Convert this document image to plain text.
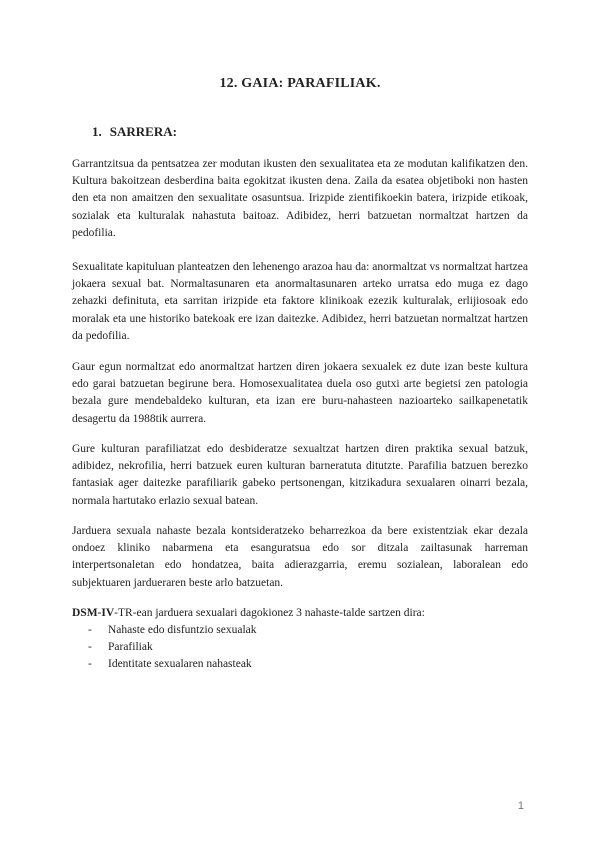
12. GAIA: PARAFILIAK.
1. SARRERA:

Garrantzitsua da pentsatzea zer modutan ikusten den sexualitatea eta ze modutan kalifikatzen den. Kultura bakoitzean desberdina baita egokitzat ikusten dena. Zaila da esatea objetiboki non hasten den eta non amaitzen den sexualitate osasuntsua. Irizpide zientifikoekin batera, irizpide etikoak, sozialak eta kulturalak nahastuta baitoaz. Adibidez, herri batzuetan normaltzat hartzen da pedofilia.

Sexualitate kapituluan planteatzen den lehenengo arazoa hau da: anormaltzat vs normaltzat hartzea jokaera sexual bat. Normaltasunaren eta anormaltasunaren arteko urratsa edo muga ez dago zehazki definituta, eta sarritan irizpide eta faktore klinikoak ezezik kulturalak, erlijiosoak edo moralak eta une historiko batekoak ere izan daitezke. Adibidez, herri batzuetan normaltzat hartzen da pedofilia.

Gaur egun normaltzat edo anormaltzat hartzen diren jokaera sexualek ez dute izan beste kultura edo garai batzuetan begirune bera. Homosexualitatea duela oso gutxi arte begietsi zen patologia bezala gure mendebaldeko kulturan, eta izan ere buru-nahasteen nazioarteko sailkapenetatik desagertu da 1988tik aurrera.

Gure kulturan parafiliatzat edo desbideratze sexualtzat hartzen diren praktika sexual batzuk, adibidez, nekrofilia, herri batzuek euren kulturan barneratuta ditutzte. Parafilia batzuen berezko fantasiak ager daitezke parafiliarik gabeko pertsonengan, kitzikadura sexualaren oinarri bezala, normala hartutako erlazio sexual batean.

Jarduera sexuala nahaste bezala kontsideratzeko beharrezkoa da bere existentziak ekar dezala ondoez kliniko nabarmena eta esanguratsua edo sor ditzala zailtasunak harreman interpertsonaletan edo hondatzea, baita adierazgarria, eremu sozialean, laboralean edo subjektuaren jardueraren beste arlo batzuetan.

DSM-IV-TR-ean jarduera sexualari dagokionez 3 nahaste-talde sartzen dira:

- Nahaste edo disfuntzio sexualak
- Parafiliak
- Identitate sexualaren nahasteak
1
